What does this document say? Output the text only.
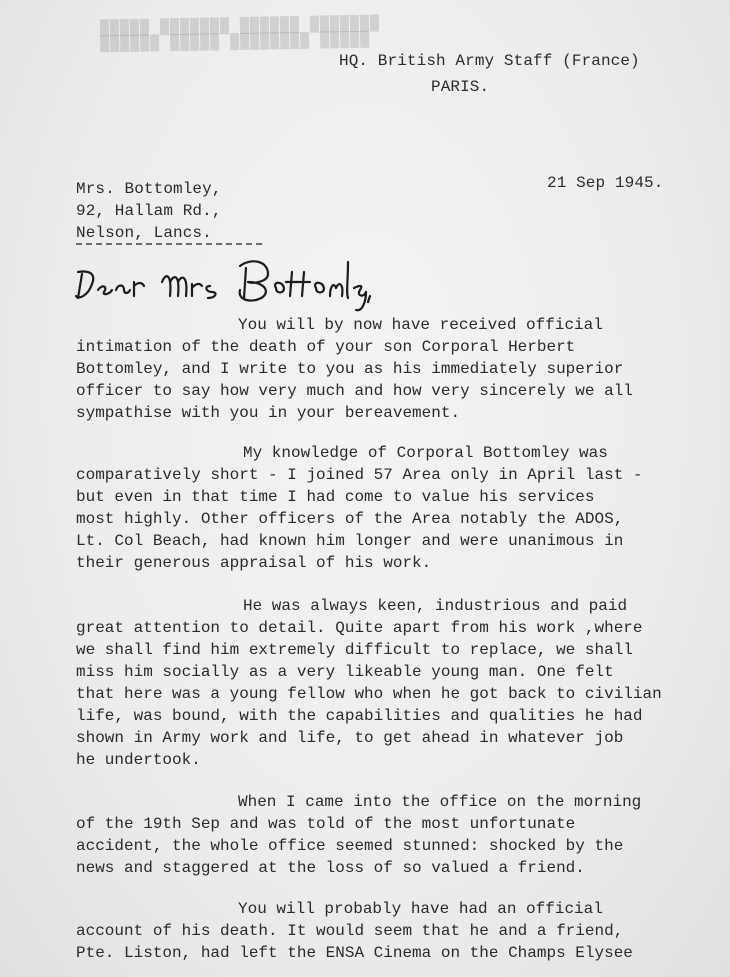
█████ ███████ ██████ ███████
██████ █████ ████████ █████
HQ. British Army Staff (France)
PARIS.
21 Sep 1945.
Mrs. Bottomley,
92, Hallam Rd.,
Nelson, Lancs.
You will by now have received official
intimation of the death of your son Corporal Herbert
Bottomley, and I write to you as his immediately superior
officer to say how very much and how very sincerely we all
sympathise with you in your bereavement.
My knowledge of Corporal Bottomley was
comparatively short - I joined 57 Area only in April last -
but even in that time I had come to value his services
most highly. Other officers of the Area notably the ADOS,
Lt. Col Beach, had known him longer and were unanimous in
their generous appraisal of his work.
He was always keen, industrious and paid
great attention to detail. Quite apart from his work ,where
we shall find him extremely difficult to replace, we shall
miss him socially as a very likeable young man. One felt
that here was a young fellow who when he got back to civilian
life, was bound, with the capabilities and qualities he had
shown in Army work and life, to get ahead in whatever job
he undertook.
When I came into the office on the morning
of the 19th Sep and was told of the most unfortunate
accident, the whole office seemed stunned: shocked by the
news and staggered at the loss of so valued a friend.
You will probably have had an official
account of his death. It would seem that he and a friend,
Pte. Liston, had left the ENSA Cinema on the Champs Elysee
